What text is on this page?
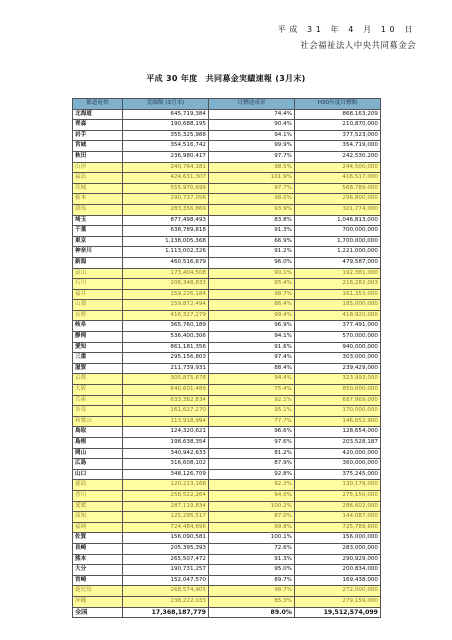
平成 31 年 4 月 10 日
社会福祉法人中央共同募金会
平成 30 年度　共同募金実績速報 (3月末)
都道府県	実績額 (3月末)	目標達成率	H30年度目標額
北海道	645,719,384	74.4%	868,163,209
青森	190,688,195	90.4%	210,870,000
岩手	355,325,988	94.1%	377,523,000
宮城	354,516,742	99.9%	354,719,000
秋田	236,980,417	97.7%	242,530,200
山形	240,764,181	98.5%	244,500,000
福島	424,631,307	101.9%	416,517,000
茨城	555,970,699	97.7%	568,789,000
栃木	290,737,056	98.0%	296,800,000
群馬	283,356,869	93.9%	301,774,000
埼玉	877,498,493	83.8%	1,046,813,000
千葉	638,789,818	91.3%	700,000,000
東京	1,138,005,368	66.9%	1,700,000,000
神奈川	1,113,002,326	91.2%	1,221,000,000
新潟	460,516,679	96.0%	479,587,000
富山	173,404,508	90.1%	192,381,000
石川	206,348,833	95.4%	216,282,003
福井	159,226,184	98.7%	161,353,000
山梨	159,872,494	86.4%	185,000,000
長野	416,327,279	99.4%	418,920,000
岐阜	365,760,189	96.9%	377,491,000
静岡	536,400,306	94.1%	570,000,000
愛知	861,181,356	91.6%	940,000,000
三重	295,156,803	97.4%	303,000,000
滋賀	211,739,931	88.4%	239,429,000
京都	305,875,678	94.4%	323,993,000
大阪	640,601,489	75.4%	850,000,000
兵庫	633,382,834	92.1%	687,969,000
奈良	161,627,270	95.1%	170,000,000
和歌山	113,918,994	77.7%	146,652,900
鳥取	124,320,621	96.6%	128,654,000
島根	198,638,354	97.6%	203,528,187
岡山	340,942,633	81.2%	420,000,000
広島	316,608,102	87.9%	360,000,000
山口	348,126,709	92.8%	375,245,000
徳島	120,213,168	92.3%	130,179,000
香川	258,522,264	94.0%	275,150,000
愛媛	287,119,834	100.2%	286,602,000
高知	125,295,517	87.0%	144,087,000
福岡	724,484,696	99.8%	725,789,600
佐賀	156,090,581	100.1%	156,000,000
長崎	205,395,393	72.6%	283,000,000
熊本	265,507,472	91.3%	290,929,000
大分	190,731,257	95.0%	200,834,000
宮崎	152,047,570	89.7%	169,438,000
鹿児島	268,574,905	98.7%	272,000,000
沖縄	238,222,033	85.3%	279,159,000
全国	17,368,187,779	89.0%	19,512,574,099
